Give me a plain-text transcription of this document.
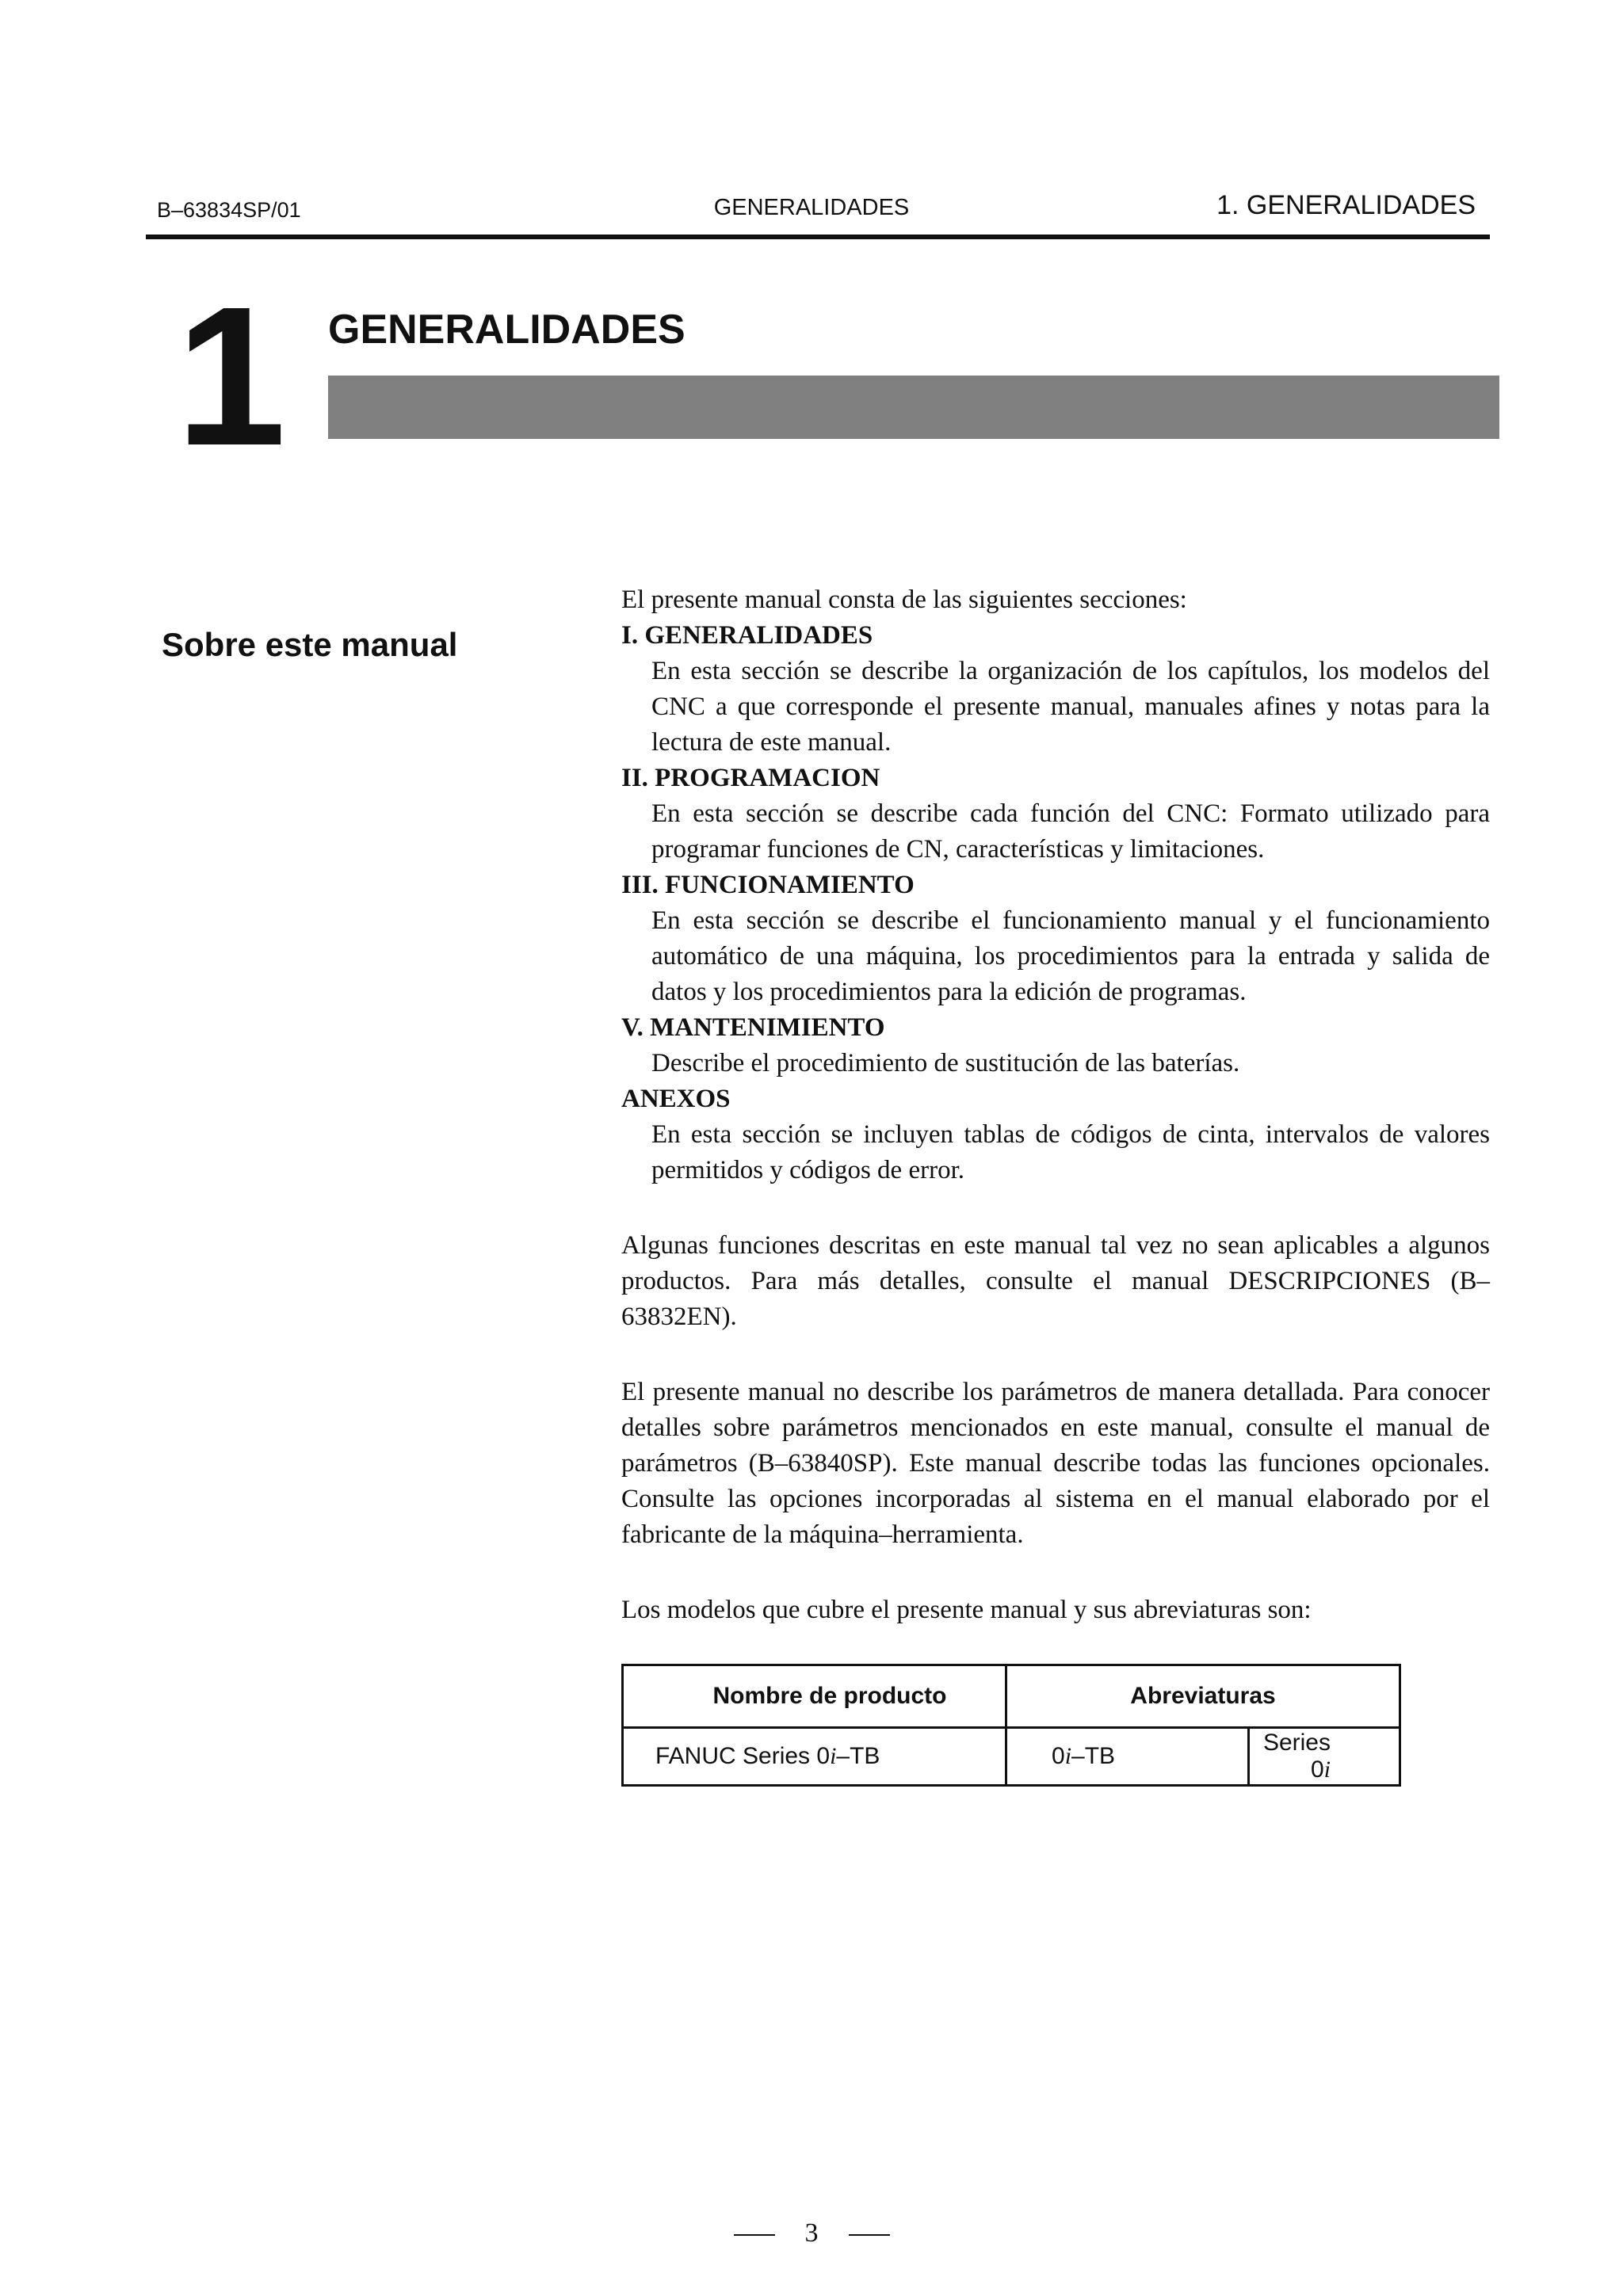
B–63834SP/01	GENERALIDADES	1. GENERALIDADES
1 GENERALIDADES
Sobre este manual

El presente manual consta de las siguientes secciones:

I. GENERALIDADES
En esta sección se describe la organización de los capítulos, los modelos del CNC a que corresponde el presente manual, manuales afines y notas para la lectura de este manual.
II. PROGRAMACION
En esta sección se describe cada función del CNC: Formato utilizado para programar funciones de CN, características y limitaciones.
III. FUNCIONAMIENTO
En esta sección se describe el funcionamiento manual y el funcionamiento automático de una máquina, los procedimientos para la entrada y salida de datos y los procedimientos para la edición de programas.
V. MANTENIMIENTO
Describe el procedimiento de sustitución de las baterías.
ANEXOS
En esta sección se incluyen tablas de códigos de cinta, intervalos de valores permitidos y códigos de error.

Algunas funciones descritas en este manual tal vez no sean aplicables a algunos productos. Para más detalles, consulte el manual DESCRIPCIONES (B–63832EN).

El presente manual no describe los parámetros de manera detallada. Para conocer detalles sobre parámetros mencionados en este manual, consulte el manual de parámetros (B–63840SP). Este manual describe todas las funciones opcionales. Consulte las opciones incorporadas al sistema en el manual elaborado por el fabricante de la máquina–herramienta.

Los modelos que cubre el presente manual y sus abreviaturas son:

Nombre de producto	Abreviaturas	
FANUC Series 0i–TB	0i–TB	Series 0i
3
